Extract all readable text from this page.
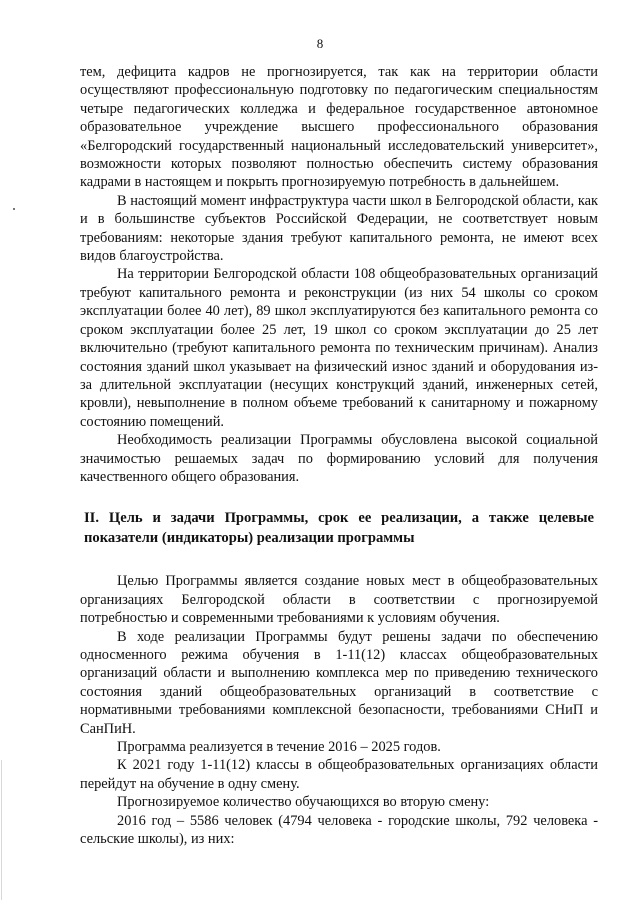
8

тем, дефицита кадров не прогнозируется, так как на территории области осуществляют профессиональную подготовку по педагогическим специальностям четыре педагогических колледжа и федеральное государственное автономное образовательное учреждение высшего профессионального образования «Белгородский государственный национальный исследовательский университет», возможности которых позволяют полностью обеспечить систему образования кадрами в настоящем и покрыть прогнозируемую потребность в дальнейшем.

В настоящий момент инфраструктура части школ в Белгородской области, как и в большинстве субъектов Российской Федерации, не соответствует новым требованиям: некоторые здания требуют капитального ремонта, не имеют всех видов благоустройства.

На территории Белгородской области 108 общеобразовательных организаций требуют капитального ремонта и реконструкции (из них 54 школы со сроком эксплуатации более 40 лет), 89 школ эксплуатируются без капитального ремонта со сроком эксплуатации более 25 лет, 19 школ со сроком эксплуатации до 25 лет включительно (требуют капитального ремонта по техническим причинам). Анализ состояния зданий школ указывает на физический износ зданий и оборудования из-за длительной эксплуатации (несущих конструкций зданий, инженерных сетей, кровли), невыполнение в полном объеме требований к санитарному и пожарному состоянию помещений.

Необходимость реализации Программы обусловлена высокой социальной значимостью решаемых задач по формированию условий для получения качественного общего образования.

II. Цель и задачи Программы, срок ее реализации, а также целевые показатели (индикаторы) реализации программы

Целью Программы является создание новых мест в общеобразовательных организациях Белгородской области в соответствии с прогнозируемой потребностью и современными требованиями к условиям обучения.

В ходе реализации Программы будут решены задачи по обеспечению односменного режима обучения в 1-11(12) классах общеобразовательных организаций области и выполнению комплекса мер по приведению технического состояния зданий общеобразовательных организаций в соответствие с нормативными требованиями комплексной безопасности, требованиями СНиП и СанПиН.

Программа реализуется в течение 2016 – 2025 годов.

К 2021 году 1-11(12) классы в общеобразовательных организациях области перейдут на обучение в одну смену.

Прогнозируемое количество обучающихся во вторую смену:

2016 год – 5586 человек (4794 человека - городские школы, 792 человека - сельские школы), из них:
